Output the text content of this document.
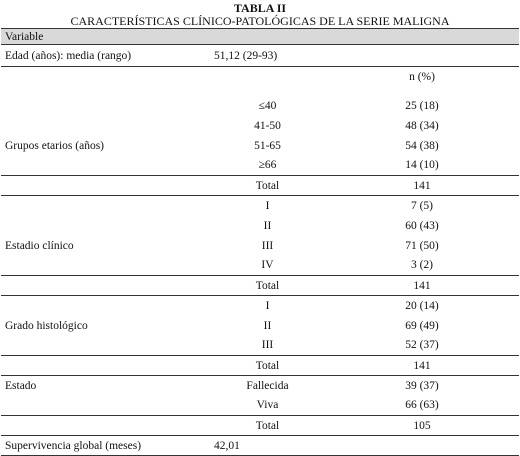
TABLA II
CARACTERÍSTICAS CLÍNICO-PATOLÓGICAS DE LA SERIE MALIGNA
Variable		
Edad (años): media (rango)	51,12 (29-93)	
		n (%)

	≤40	25 (18)
	41-50	48 (34)
Grupos etarios (años)	51-65	54 (38)
	≥66	14 (10)
	Total	141
	I	7 (5)
	II	60 (43)
Estadio clínico	III	71 (50)
	IV	3 (2)
	Total	141
	I	20 (14)
Grado histológico	II	69 (49)
	III	52 (37)
	Total	141
Estado	Fallecida	39 (37)
	Viva	66 (63)
	Total	105
Supervivencia global (meses)	42,01	
